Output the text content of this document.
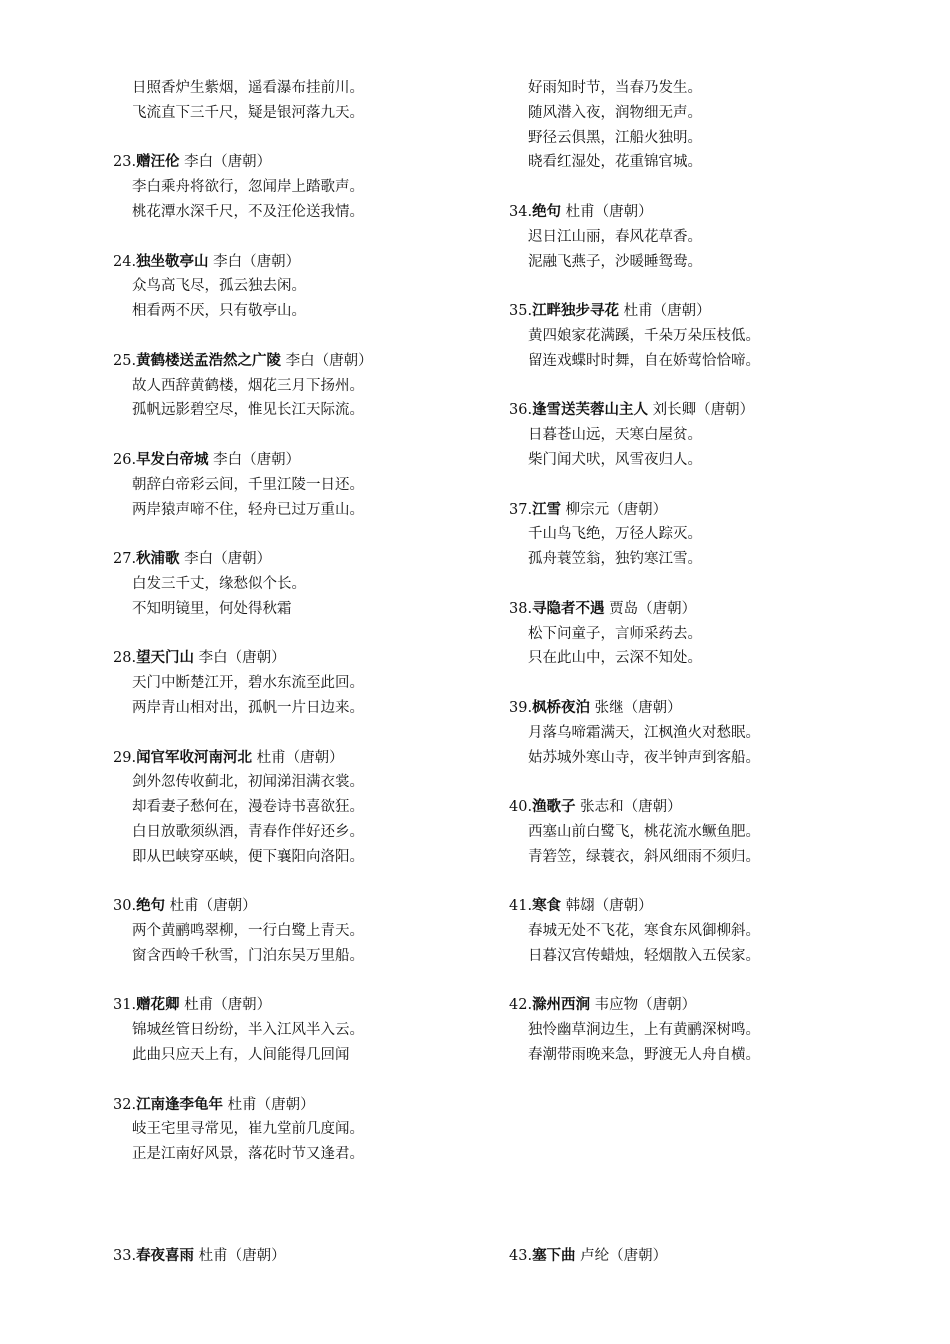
日照香炉生紫烟，遥看瀑布挂前川。
飞流直下三千尺，疑是银河落九天。
23.赠汪伦 李白（唐朝）
李白乘舟将欲行，忽闻岸上踏歌声。
桃花潭水深千尺，不及汪伦送我情。
24.独坐敬亭山 李白（唐朝）
众鸟高飞尽，孤云独去闲。
相看两不厌，只有敬亭山。
25.黄鹤楼送孟浩然之广陵 李白（唐朝）
故人西辞黄鹤楼，烟花三月下扬州。
孤帆远影碧空尽，惟见长江天际流。
26.早发白帝城 李白（唐朝）
朝辞白帝彩云间，千里江陵一日还。
两岸猿声啼不住，轻舟已过万重山。
27.秋浦歌 李白（唐朝）
白发三千丈，缘愁似个长。
不知明镜里，何处得秋霜
28.望天门山 李白（唐朝）
天门中断楚江开，碧水东流至此回。
两岸青山相对出，孤帆一片日边来。
29.闻官军收河南河北 杜甫（唐朝）
剑外忽传收蓟北，初闻涕泪满衣裳。
却看妻子愁何在，漫卷诗书喜欲狂。
白日放歌须纵酒，青春作伴好还乡。
即从巴峡穿巫峡，便下襄阳向洛阳。
30.绝句 杜甫（唐朝）
两个黄鹂鸣翠柳，一行白鹭上青天。
窗含西岭千秋雪，门泊东吴万里船。
31.赠花卿 杜甫（唐朝）
锦城丝管日纷纷，半入江风半入云。
此曲只应天上有，人间能得几回闻
32.江南逢李龟年 杜甫（唐朝）
岐王宅里寻常见，崔九堂前几度闻。
正是江南好风景，落花时节又逢君。
好雨知时节，当春乃发生。
随风潜入夜，润物细无声。
野径云俱黑，江船火独明。
晓看红湿处，花重锦官城。
34.绝句 杜甫（唐朝）
迟日江山丽，春风花草香。
泥融飞燕子，沙暖睡鸳鸯。
35.江畔独步寻花 杜甫（唐朝）
黄四娘家花满蹊，千朵万朵压枝低。
留连戏蝶时时舞，自在娇莺恰恰啼。
36.逢雪送芙蓉山主人 刘长卿（唐朝）
日暮苍山远，天寒白屋贫。
柴门闻犬吠，风雪夜归人。
37.江雪 柳宗元（唐朝）
千山鸟飞绝，万径人踪灭。
孤舟蓑笠翁，独钓寒江雪。
38.寻隐者不遇 贾岛（唐朝）
松下问童子，言师采药去。
只在此山中，云深不知处。
39.枫桥夜泊 张继（唐朝）
月落乌啼霜满天，江枫渔火对愁眠。
姑苏城外寒山寺，夜半钟声到客船。
40.渔歌子 张志和（唐朝）
西塞山前白鹭飞，桃花流水鳜鱼肥。
青箬笠，绿蓑衣，斜风细雨不须归。
41.寒食 韩翃（唐朝）
春城无处不飞花，寒食东风御柳斜。
日暮汉宫传蜡烛，轻烟散入五侯家。
42.滁州西涧 韦应物（唐朝）
独怜幽草涧边生，上有黄鹂深树鸣。
春潮带雨晚来急，野渡无人舟自横。
33.春夜喜雨 杜甫（唐朝）	43.塞下曲 卢纶（唐朝）
